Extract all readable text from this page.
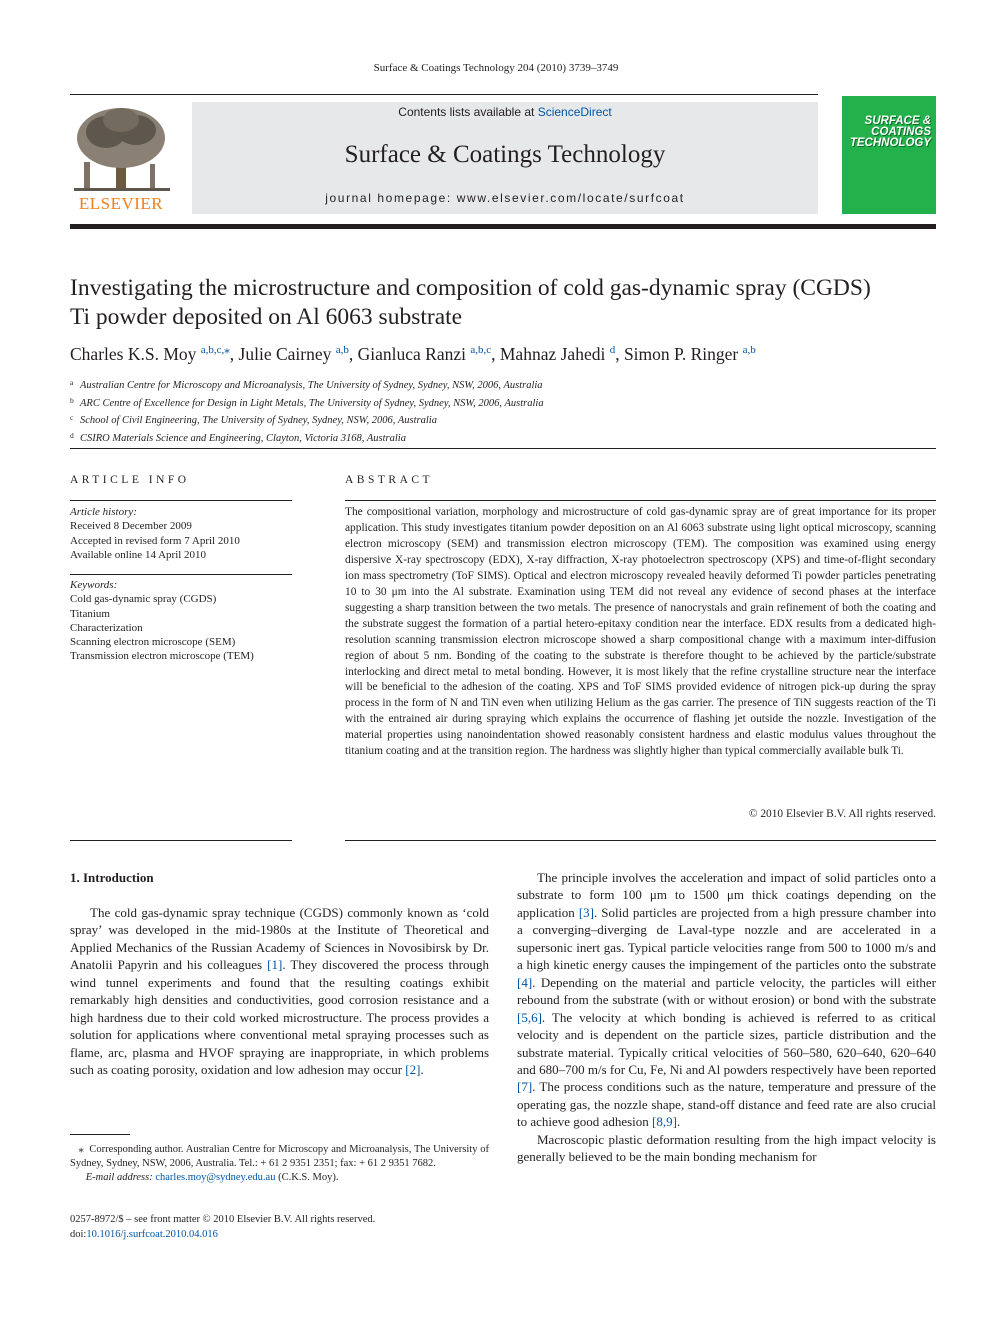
Surface & Coatings Technology 204 (2010) 3739–3749
ELSEVIER
Contents lists available at ScienceDirect
Surface & Coatings Technology
journal homepage: www.elsevier.com/locate/surfcoat
SURFACE & COATINGS TECHNOLOGY
Investigating the microstructure and composition of cold gas-dynamic spray (CGDS)
Ti powder deposited on Al 6063 substrate
Charles K.S. Moy $^{a,b,c,⁎}$, Julie Cairney $^{a,b}$, Gianluca Ranzi $^{a,b,c}$, Mahnaz Jahedi $^d$, Simon P. Ringer $^{a,b}$
a Australian Centre for Microscopy and Microanalysis, The University of Sydney, Sydney, NSW, 2006, Australia
b ARC Centre of Excellence for Design in Light Metals, The University of Sydney, Sydney, NSW, 2006, Australia
c School of Civil Engineering, The University of Sydney, Sydney, NSW, 2006, Australia
d CSIRO Materials Science and Engineering, Clayton, Victoria 3168, Australia
ARTICLE INFO
Article history:
Received 8 December 2009
Accepted in revised form 7 April 2010
Available online 14 April 2010
Keywords:
Cold gas-dynamic spray (CGDS)
Titanium
Characterization
Scanning electron microscope (SEM)
Transmission electron microscope (TEM)
ABSTRACT
The compositional variation, morphology and microstructure of cold gas-dynamic spray are of great importance for its proper application. This study investigates titanium powder deposition on an Al 6063 substrate using light optical microscopy, scanning electron microscopy (SEM) and transmission electron microscopy (TEM). The composition was examined using energy dispersive X-ray spectroscopy (EDX), X-ray diffraction, X-ray photoelectron spectroscopy (XPS) and time-of-flight secondary ion mass spectrometry (ToF SIMS). Optical and electron microscopy revealed heavily deformed Ti powder particles penetrating 10 to 30 μm into the Al substrate. Examination using TEM did not reveal any evidence of second phases at the interface suggesting a sharp transition between the two metals. The presence of nanocrystals and grain refinement of both the coating and the substrate suggest the formation of a partial hetero-epitaxy condition near the interface. EDX results from a dedicated high-resolution scanning transmission electron microscope showed a sharp compositional change with a maximum inter-diffusion region of about 5 nm. Bonding of the coating to the substrate is therefore thought to be achieved by the particle/substrate interlocking and direct metal to metal bonding. However, it is most likely that the refine crystalline structure near the interface will be beneficial to the adhesion of the coating. XPS and ToF SIMS provided evidence of nitrogen pick-up during the spray process in the form of N and TiN even when utilizing Helium as the gas carrier. The presence of TiN suggests reaction of the Ti with the entrained air during spraying which explains the occurrence of flashing jet outside the nozzle. Investigation of the material properties using nanoindentation showed reasonably consistent hardness and elastic modulus values throughout the titanium coating and at the transition region. The hardness was slightly higher than typical commercially available bulk Ti.
© 2010 Elsevier B.V. All rights reserved.
1. Introduction

The cold gas-dynamic spray technique (CGDS) commonly known as ‘cold spray’ was developed in the mid-1980s at the Institute of Theoretical and Applied Mechanics of the Russian Academy of Sciences in Novosibirsk by Dr. Anatolii Papyrin and his colleagues [1]. They discovered the process through wind tunnel experiments and found that the resulting coatings exhibit remarkably high densities and conductivities, good corrosion resistance and a high hardness due to their cold worked microstructure. The process provides a solution for applications where conventional metal spraying processes such as flame, arc, plasma and HVOF spraying are inappropriate, in which problems such as coating porosity, oxidation and low adhesion may occur [2].

The principle involves the acceleration and impact of solid particles onto a substrate to form 100 μm to 1500 μm thick coatings depending on the application [3]. Solid particles are projected from a high pressure chamber into a converging–diverging de Laval-type nozzle and are accelerated in a supersonic inert gas. Typical particle velocities range from 500 to 1000 m/s and a high kinetic energy causes the impingement of the particles onto the substrate [4]. Depending on the material and particle velocity, the particles will either rebound from the substrate (with or without erosion) or bond with the substrate [5,6]. The velocity at which bonding is achieved is referred to as critical velocity and is dependent on the particle sizes, particle distribution and the substrate material. Typically critical velocities of 560–580, 620–640, 620–640 and 680–700 m/s for Cu, Fe, Ni and Al powders respectively have been reported [7]. The process conditions such as the nature, temperature and pressure of the operating gas, the nozzle shape, stand-off distance and feed rate are also crucial to achieve good adhesion [8,9].

Macroscopic plastic deformation resulting from the high impact velocity is generally believed to be the main bonding mechanism for

⁎ Corresponding author. Australian Centre for Microscopy and Microanalysis, The University of Sydney, Sydney, NSW, 2006, Australia. Tel.: + 61 2 9351 2351; fax: + 61 2 9351 7682.
E-mail address: charles.moy@sydney.edu.au (C.K.S. Moy).
0257-8972/$ – see front matter © 2010 Elsevier B.V. All rights reserved.
doi:10.1016/j.surfcoat.2010.04.016
